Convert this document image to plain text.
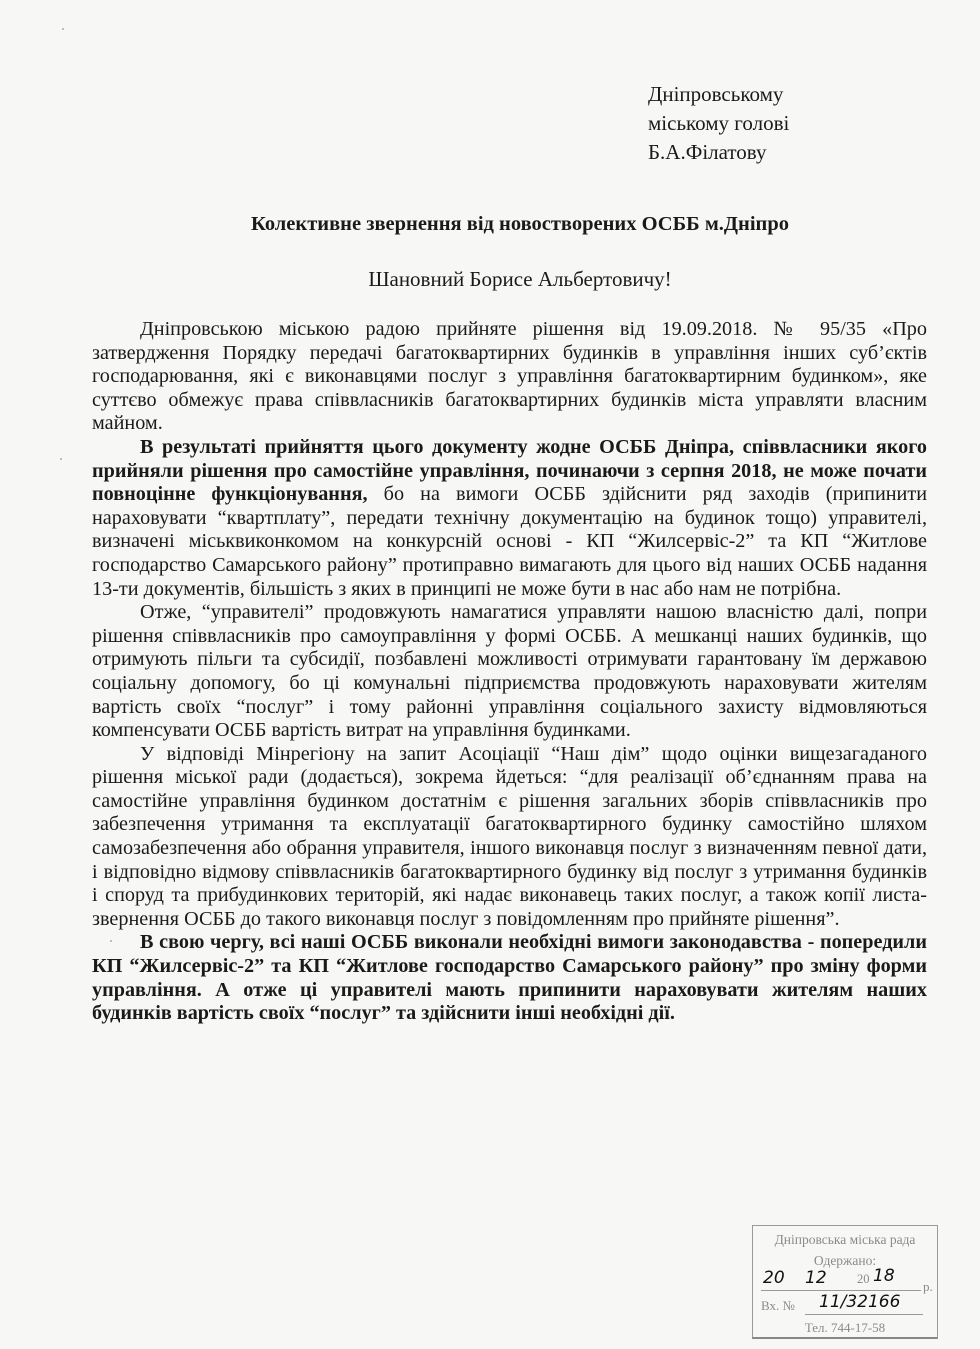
Дніпровському
міському голові
Б.А.Філатову
Колективне звернення від новостворених ОСББ м.Дніпро
Шановний Борисе Альбертовичу!

Дніпровською міською радою прийняте рішення від 19.09.2018. № 95/35 «Про затвердження Порядку передачі багатоквартирних будинків в управління інших суб’єктів господарювання, які є виконавцями послуг з управління багатоквартирним будинком», яке суттєво обмежує права співвласників багатоквартирних будинків міста управляти власним майном.

В результаті прийняття цього документу жодне ОСББ Дніпра, співвласники якого прийняли рішення про самостійне управління, починаючи з серпня 2018, не може почати повноцінне функціонування, бо на вимоги ОСББ здійснити ряд заходів (припинити нараховувати “квартплату”, передати технічну документацію на будинок тощо) управителі, визначені міськвиконкомом на конкурсній основі - КП “Жилсервіс-2” та КП “Житлове господарство Самарського району” протиправно вимагають для цього від наших ОСББ надання 13-ти документів, більшість з яких в принципі не може бути в нас або нам не потрібна.

Отже, “управителі” продовжують намагатися управляти нашою власністю далі, попри рішення співвласників про самоуправління у формі ОСББ. А мешканці наших будинків, що отримують пільги та субсидії, позбавлені можливості отримувати гарантовану їм державою соціальну допомогу, бо ці комунальні підприємства продовжують нараховувати жителям вартість своїх “послуг” і тому районні управління соціального захисту відмовляються компенсувати ОСББ вартість витрат на управління будинками.

У відповіді Мінрегіону на запит Асоціації “Наш дім” щодо оцінки вищезагаданого рішення міської ради (додається), зокрема йдеться: “для реалізації об’єднанням права на самостійне управління будинком достатнім є рішення загальних зборів співвласників про забезпечення утримання та експлуатації багатоквартирного будинку самостійно шляхом самозабезпечення або обрання управителя, іншого виконавця послуг з визначенням певної дати, і відповідно відмову співвласників багатоквартирного будинку від послуг з утримання будинків і споруд та прибудинкових територій, які надає виконавець таких послуг, а також копії листа-звернення ОСББ до такого виконавця послуг з повідомленням про прийняте рішення”.

В свою чергу, всі наші ОСББ виконали необхідні вимоги законодавства - попередили КП “Жилсервіс-2” та КП “Житлове господарство Самарського району” про зміну форми управління. А отже ці управителі мають припинити нараховувати жителям наших будинків вартість своїх “послуг” та здійснити інші необхідні дії.

Дніпровська міська рада
Одержано:
20 12 20 18
р.
Вх. № 11/32166
Тел. 744-17-58
